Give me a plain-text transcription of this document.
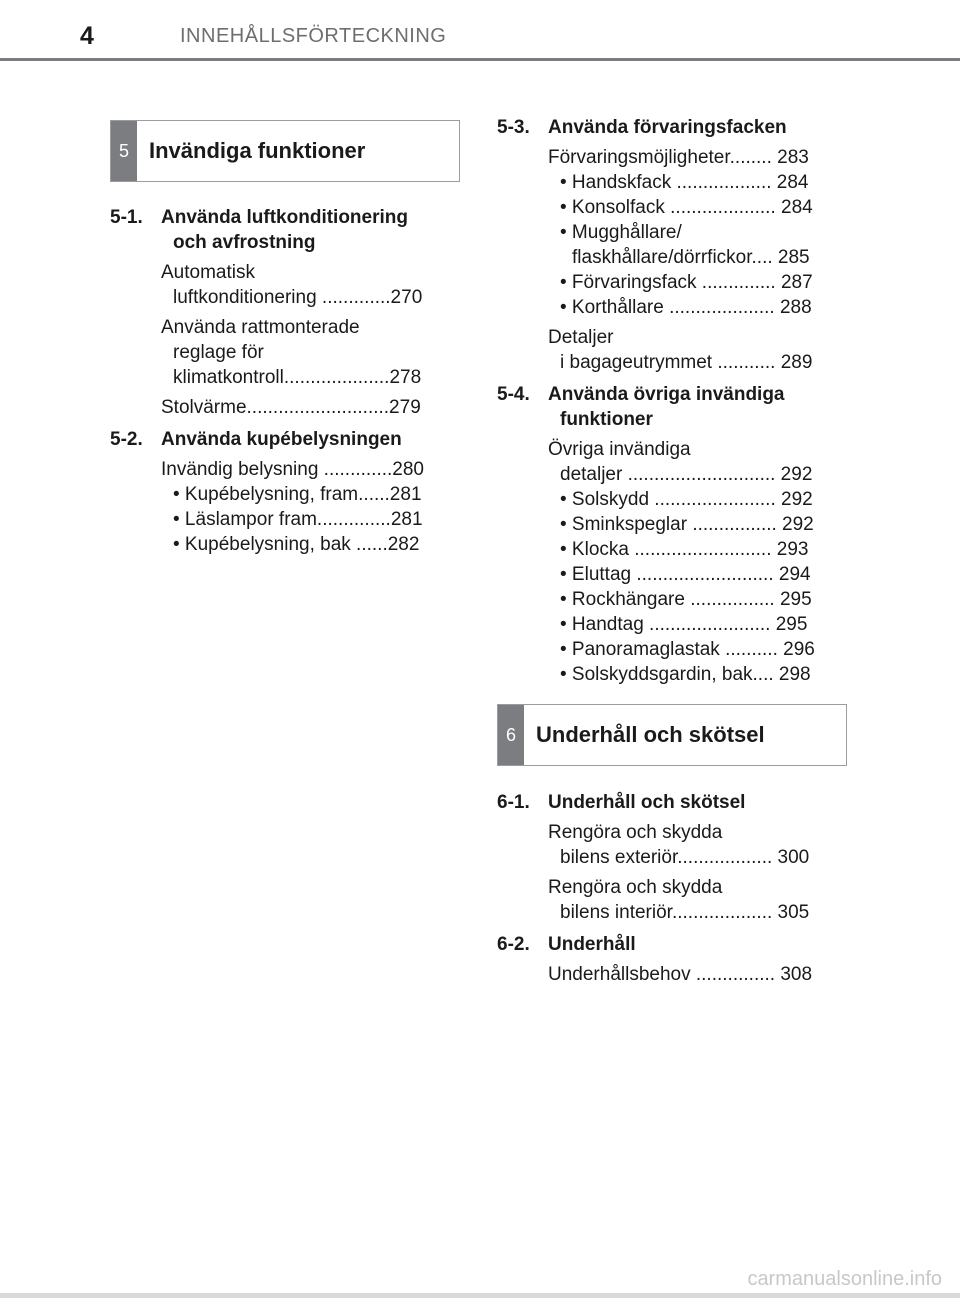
4	INNEHÅLLSFÖRTECKNING
5 Invändiga funktioner
5-1. Använda luftkonditionering
och avfrostning
Automatisk
luftkonditionering .............270
Använda rattmonterade
reglage för
klimatkontroll....................278
Stolvärme...........................279
5-2. Använda kupébelysningen
Invändig belysning .............280
• Kupébelysning, fram......281
• Läslampor fram..............281
• Kupébelysning, bak ......282
5-3. Använda förvaringsfacken
Förvaringsmöjligheter........ 283
• Handskfack .................. 284
• Konsolfack .................... 284
• Mugghållare/
flaskhållare/dörrfickor.... 285
• Förvaringsfack .............. 287
• Korthållare .................... 288
Detaljer
i bagageutrymmet ........... 289
5-4. Använda övriga invändiga
funktioner
Övriga invändiga
detaljer ............................ 292
• Solskydd ....................... 292
• Sminkspeglar ................ 292
• Klocka .......................... 293
• Eluttag .......................... 294
• Rockhängare ................ 295
• Handtag ....................... 295
• Panoramaglastak .......... 296
• Solskyddsgardin, bak.... 298
6 Underhåll och skötsel
6-1. Underhåll och skötsel
Rengöra och skydda
bilens exteriör.................. 300
Rengöra och skydda
bilens interiör................... 305
6-2. Underhåll
Underhållsbehov ............... 308
carmanualsonline.info
